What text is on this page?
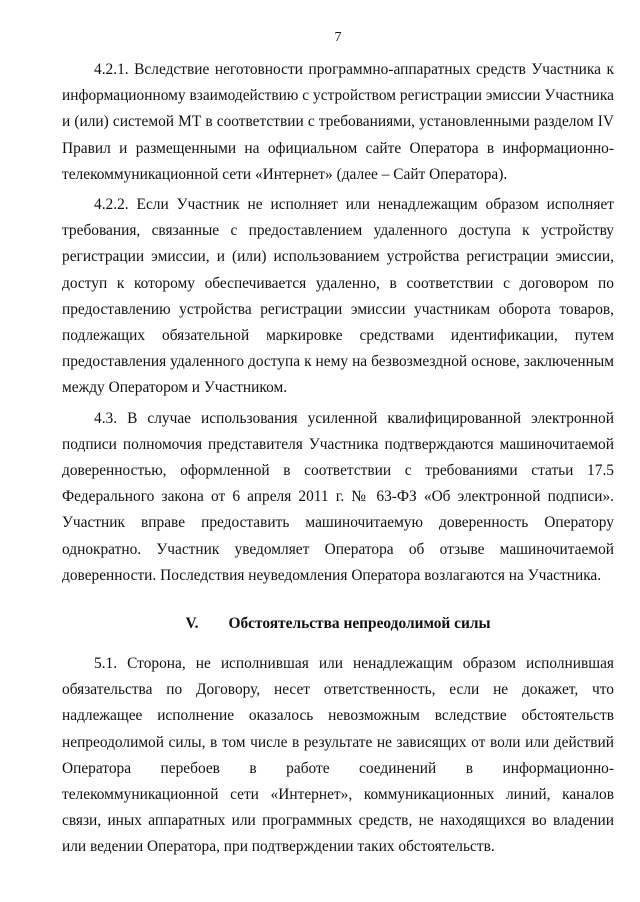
7

4.2.1. Вследствие неготовности программно-аппаратных средств Участника к информационному взаимодействию с устройством регистрации эмиссии Участника и (или) системой МТ в соответствии с требованиями, установленными разделом IV Правил и размещенными на официальном сайте Оператора в информационно-телекоммуникационной сети «Интернет» (далее – Сайт Оператора).

4.2.2. Если Участник не исполняет или ненадлежащим образом исполняет требования, связанные с предоставлением удаленного доступа к устройству регистрации эмиссии, и (или) использованием устройства регистрации эмиссии, доступ к которому обеспечивается удаленно, в соответствии с договором по предоставлению устройства регистрации эмиссии участникам оборота товаров, подлежащих обязательной маркировке средствами идентификации, путем предоставления удаленного доступа к нему на безвозмездной основе, заключенным между Оператором и Участником.

4.3. В случае использования усиленной квалифицированной электронной подписи полномочия представителя Участника подтверждаются машиночитаемой доверенностью, оформленной в соответствии с требованиями статьи 17.5 Федерального закона от 6 апреля 2011 г. № 63-ФЗ «Об электронной подписи». Участник вправе предоставить машиночитаемую доверенность Оператору однократно. Участник уведомляет Оператора об отзыве машиночитаемой доверенности. Последствия неуведомления Оператора возлагаются на Участника.

V. Обстоятельства непреодолимой силы

5.1. Сторона, не исполнившая или ненадлежащим образом исполнившая обязательства по Договору, несет ответственность, если не докажет, что надлежащее исполнение оказалось невозможным вследствие обстоятельств непреодолимой силы, в том числе в результате не зависящих от воли или действий Оператора перебоев в работе соединений в информационно-телекоммуникационной сети «Интернет», коммуникационных линий, каналов связи, иных аппаратных или программных средств, не находящихся во владении или ведении Оператора, при подтверждении таких обстоятельств.
